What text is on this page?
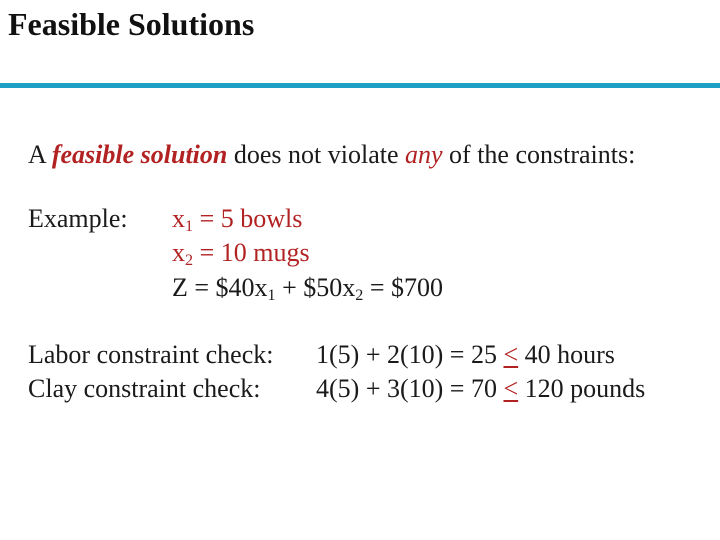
Feasible Solutions

A feasible solution does not violate any of the constraints:

Example: $x_1 = 5$ bowls

$x_2 = 10$ mugs

$Z = \$40x_1$ + $\$50x_2$ = $700

Labor constraint check: 1(5) + 2(10) = 25 < 40 hours

Clay constraint check: 4(5) + 3(10) = 70 < 120 pounds
